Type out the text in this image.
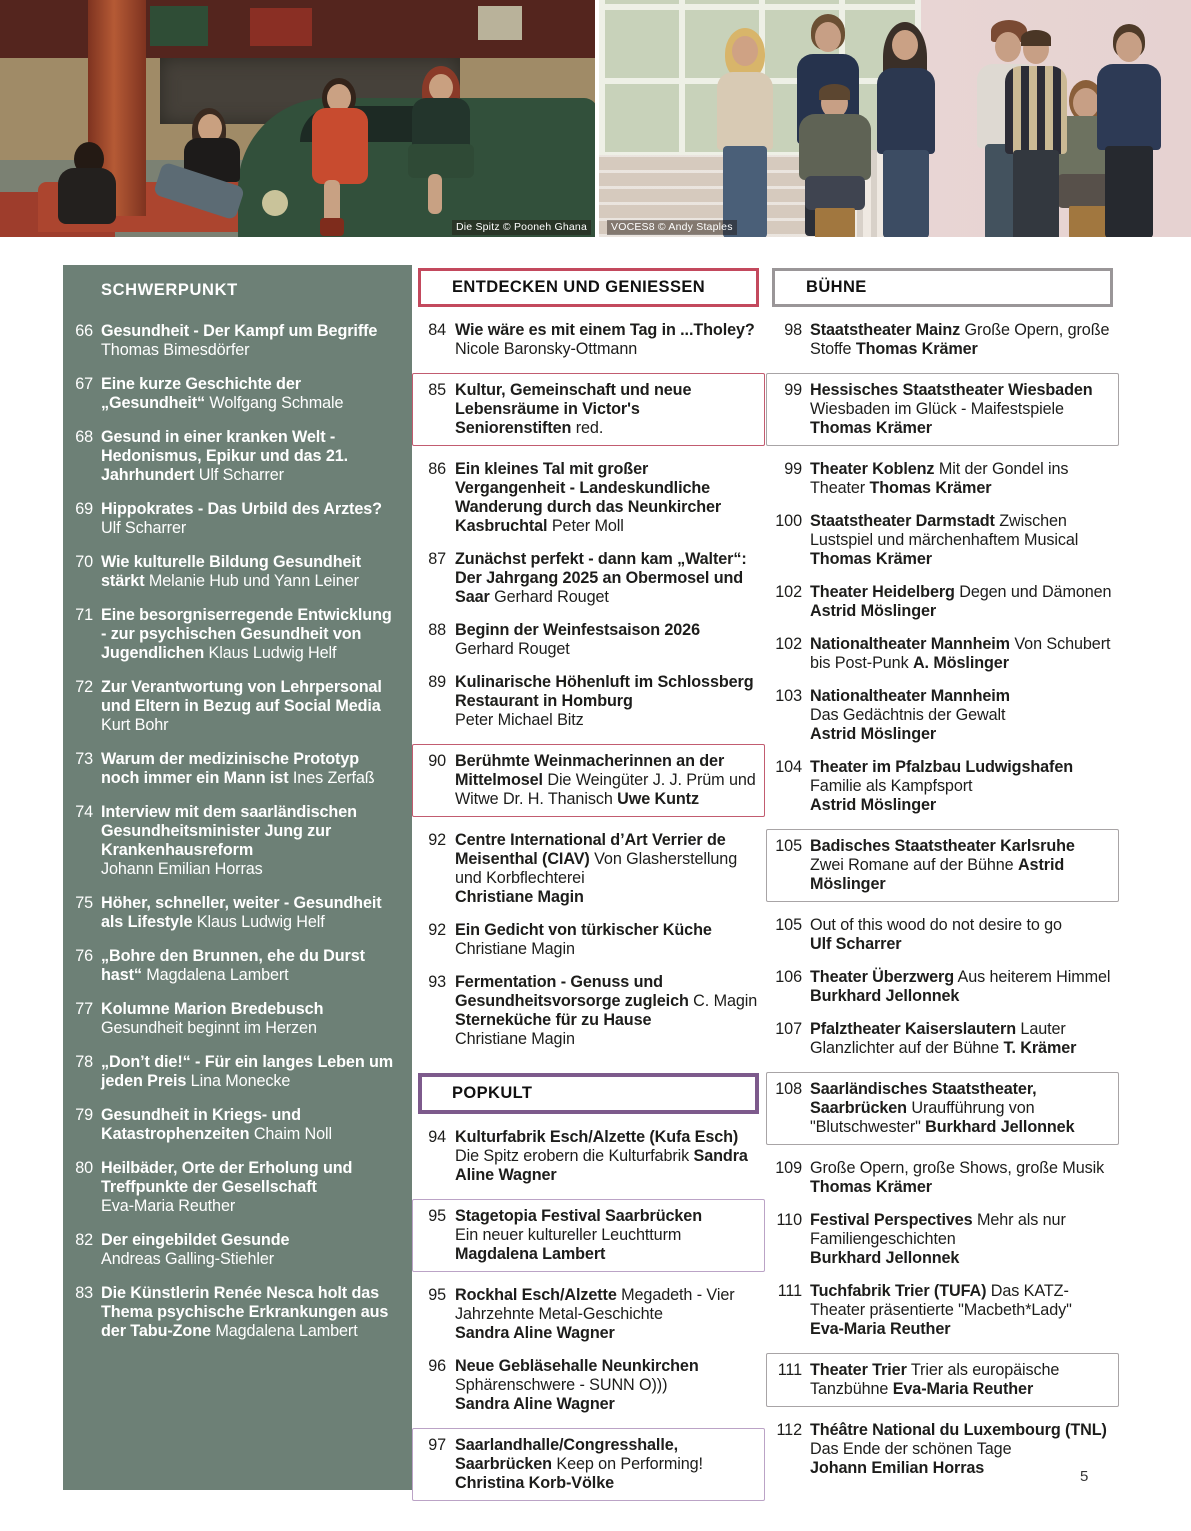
Die Spitz © Pooneh Ghana	VOCES8 © Andy Staples
SCHWERPUNKT
66 Gesundheit - Der Kampf um Begriffe
Thomas Bimesdörfer

67 Eine kurze Geschichte der „Gesundheit“ Wolfgang Schmale

68 Gesund in einer kranken Welt - Hedonismus, Epikur und das 21. Jahrhundert Ulf Scharrer

69 Hippokrates - Das Urbild des Arztes? Ulf Scharrer

70 Wie kulturelle Bildung Gesundheit stärkt Melanie Hub und Yann Leiner

71 Eine besorgniserregende Entwicklung - zur psychischen Gesundheit von Jugendlichen Klaus Ludwig Helf

72 Zur Verantwortung von Lehrpersonal und Eltern in Bezug auf Social Media Kurt Bohr

73 Warum der medizinische Prototyp noch immer ein Mann ist Ines Zerfaß

74 Interview mit dem saarländischen Gesundheitsminister Jung zur Krankenhausreform
Johann Emilian Horras

75 Höher, schneller, weiter - Gesundheit als Lifestyle Klaus Ludwig Helf

76 „Bohre den Brunnen, ehe du Durst hast“ Magdalena Lambert

77 Kolumne Marion Bredebusch
Gesundheit beginnt im Herzen

78 „Don’t die!“ - Für ein langes Leben um jeden Preis Lina Monecke

79 Gesundheit in Kriegs- und Katastrophenzeiten Chaim Noll

80 Heilbäder, Orte der Erholung und Treffpunkte der Gesellschaft
Eva-Maria Reuther

82 Der eingebildet Gesunde
Andreas Galling-Stiehler

83 Die Künstlerin Renée Nesca holt das Thema psychische Erkrankungen aus der Tabu-Zone Magdalena Lambert

ENTDECKEN UND GENIESSEN
84 Wie wäre es mit einem Tag in ...Tholey? Nicole Baronsky-Ottmann

85 Kultur, Gemeinschaft und neue Lebensräume in Victor's Seniorenstiften red.

86 Ein kleines Tal mit großer Vergangenheit - Landeskundliche Wanderung durch das Neunkircher Kasbruchtal Peter Moll

87 Zunächst perfekt - dann kam „Walter“: Der Jahrgang 2025 an Obermosel und Saar Gerhard Rouget

88 Beginn der Weinfestsaison 2026
Gerhard Rouget

89 Kulinarische Höhenluft im Schlossberg Restaurant in Homburg
Peter Michael Bitz

90 Berühmte Weinmacherinnen an der Mittelmosel Die Weingüter J. J. Prüm und Witwe Dr. H. Thanisch Uwe Kuntz

92 Centre International d’Art Verrier de Meisenthal (CIAV) Von Glasherstellung und Korbflechterei
Christiane Magin

92 Ein Gedicht von türkischer Küche
Christiane Magin

93 Fermentation - Genuss und Gesundheitsvorsorge zugleich C. Magin
Sterneküche für zu Hause
Christiane Magin

POPKULT
94 Kulturfabrik Esch/Alzette (Kufa Esch) Die Spitz erobern die Kulturfabrik Sandra Aline Wagner

95 Stagetopia Festival Saarbrücken
Ein neuer kultureller Leuchtturm
Magdalena Lambert

95 Rockhal Esch/Alzette Megadeth - Vier Jahrzehnte Metal-Geschichte
Sandra Aline Wagner

96 Neue Gebläsehalle Neunkirchen
Sphärenschwere - SUNN O)))
Sandra Aline Wagner

97 Saarlandhalle/Congresshalle, Saarbrücken Keep on Performing!
Christina Korb-Völke

BÜHNE
98 Staatstheater Mainz Große Opern, große Stoffe Thomas Krämer

99 Hessisches Staatstheater Wiesbaden Wiesbaden im Glück - Maifestspiele Thomas Krämer

99 Theater Koblenz Mit der Gondel ins Theater Thomas Krämer

100 Staatstheater Darmstadt Zwischen Lustspiel und märchenhaftem Musical
Thomas Krämer

102 Theater Heidelberg Degen und Dämonen Astrid Möslinger

102 Nationaltheater Mannheim Von Schubert bis Post-Punk A. Möslinger

103 Nationaltheater Mannheim
Das Gedächtnis der Gewalt
Astrid Möslinger

104 Theater im Pfalzbau Ludwigshafen
Familie als Kampfsport
Astrid Möslinger

105 Badisches Staatstheater Karlsruhe
Zwei Romane auf der Bühne Astrid Möslinger

105 Out of this wood do not desire to go
Ulf Scharrer

106 Theater Überzwerg Aus heiterem Himmel Burkhard Jellonnek

107 Pfalztheater Kaiserslautern Lauter Glanzlichter auf der Bühne T. Krämer

108 Saarländisches Staatstheater, Saarbrücken Uraufführung von "Blutschwester" Burkhard Jellonnek

109 Große Opern, große Shows, große Musik Thomas Krämer

110 Festival Perspectives Mehr als nur Familiengeschichten
Burkhard Jellonnek

111 Tuchfabrik Trier (TUFA) Das KATZ-Theater präsentierte "Macbeth*Lady"
Eva-Maria Reuther

111 Theater Trier Trier als europäische Tanzbühne Eva-Maria Reuther

112 Théâtre National du Luxembourg (TNL) Das Ende der schönen Tage
Johann Emilian Horras	5
